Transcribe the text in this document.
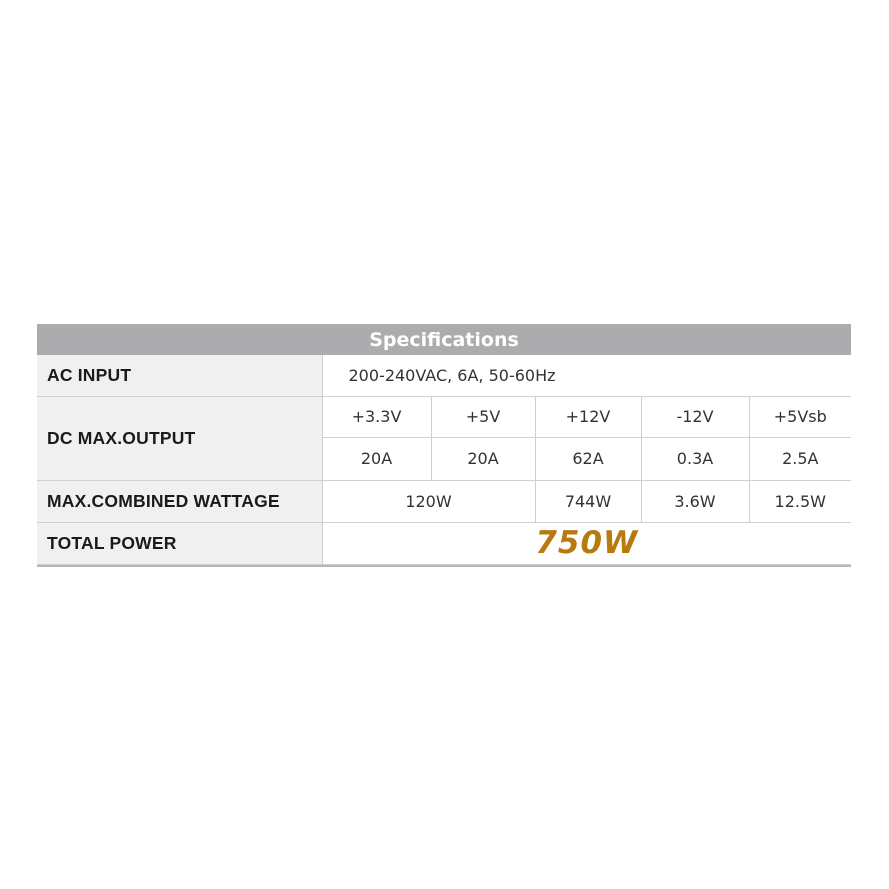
Specifications
AC INPUT	200-240VAC, 6A, 50-60Hz				
DC MAX.OUTPUT	+3.3V	+5V	+12V	-12V	+5Vsb
	20A	20A	62A	0.3A	2.5A
MAX.COMBINED WATTAGE	120W		744W	3.6W	12.5W
TOTAL POWER	750W				
